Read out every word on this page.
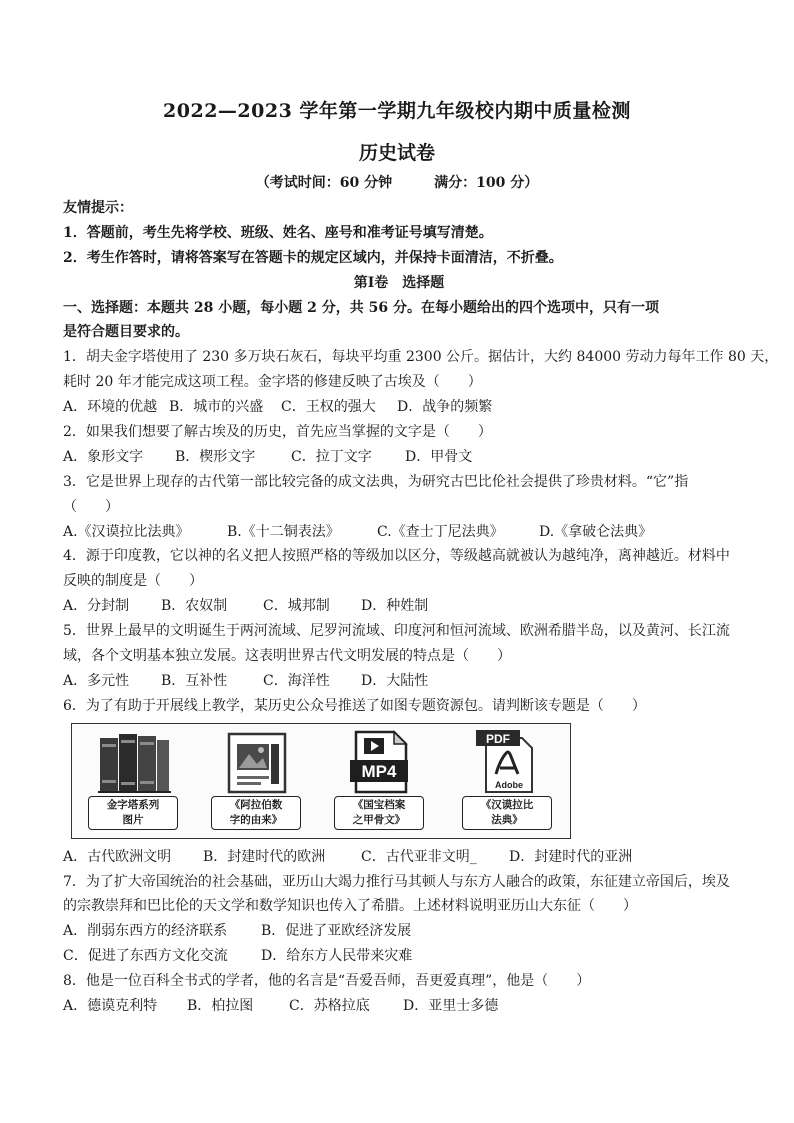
2022—2023 学年第一学期九年级校内期中质量检测
历史试卷
（考试时间：60 分钟　　　满分：100 分）
友情提示：
1．答题前，考生先将学校、班级、姓名、座号和准考证号填写清楚。
2．考生作答时，请将答案写在答题卡的规定区域内，并保持卡面清洁，不折叠。
第Ⅰ卷　选择题
一、选择题：本题共 28 小题，每小题 2 分，共 56 分。在每小题给出的四个选项中，只有一项
是符合题目要求的。
1．胡夫金字塔使用了 230 多万块石灰石，每块平均重 2300 公斤。据估计，大约 84000 劳动力每年工作 80 天，
耗时 20 年才能完成这项工程。金字塔的修建反映了古埃及（　　）
A．环境的优越 B．城市的兴盛 C．王权的强大 D．战争的频繁
2．如果我们想要了解古埃及的历史，首先应当掌握的文字是（　　）
A．象形文字 B．楔形文字	C．拉丁文字 D．甲骨文
3．它是世界上现存的古代第一部比较完备的成文法典，为研究古巴比伦社会提供了珍贵材料。“它”指
（　　）
A.《汉谟拉比法典》	B.《十二铜表法》	C.《查士丁尼法典》	D.《拿破仑法典》
4．源于印度教，它以神的名义把人按照严格的等级加以区分，等级越高就被认为越纯净，离神越近。材料中
反映的制度是（　　）
A．分封制 B．农奴制	C．城邦制 D．种姓制
5．世界上最早的文明诞生于两河流域、尼罗河流域、印度河和恒河流域、欧洲希腊半岛，以及黄河、长江流
域，各个文明基本独立发展。这表明世界古代文明发展的特点是（　　）
A．多元性 B．互补性	C．海洋性 D．大陆性
6．为了有助于开展线上教学，某历史公众号推送了如图专题资源包。请判断该专题是（　　）
金字塔系列
图片
《阿拉伯数
字的由来》
MP4
《国宝档案
之甲骨文》
PDF
Adobe
《汉谟拉比
法典》
A．古代欧洲文明 B．封建时代的欧洲	C．古代亚非文明_ D．封建时代的亚洲
7．为了扩大帝国统治的社会基础，亚历山大竭力推行马其顿人与东方人融合的政策，东征建立帝国后，埃及
的宗教崇拜和巴比伦的天文学和数学知识也传入了希腊。上述材料说明亚历山大东征（　　）
A．削弱东西方的经济联系 B．促进了亚欧经济发展
C．促进了东西方文化交流 D．给东方人民带来灾难
8．他是一位百科全书式的学者，他的名言是“吾爱吾师，吾更爱真理”，他是（　　）
A．德谟克利特 B．柏拉图	C．苏格拉底 D．亚里士多德
